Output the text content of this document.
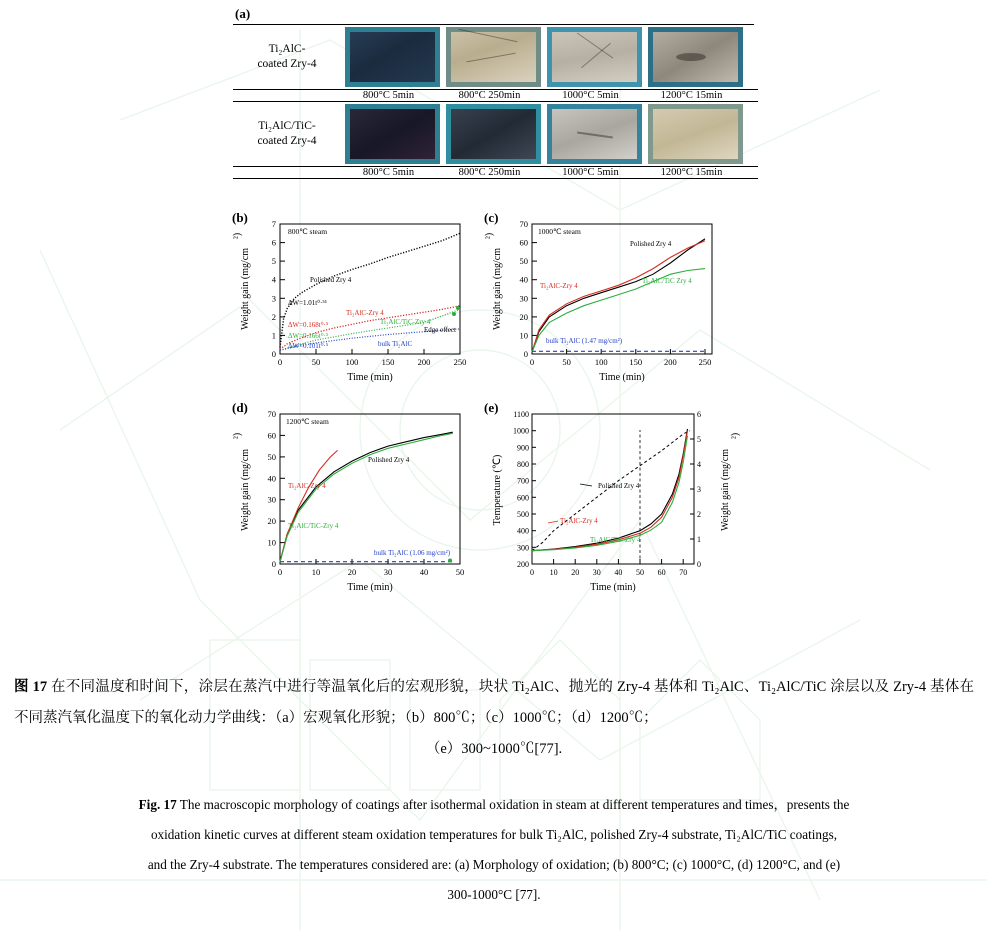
(a)
Ti₂AlC-
coated Zry-4
800°C 5min	800°C 250min	1000°C 5min	1200°C 15min
Ti₂AlC/TiC-
coated Zry-4
800°C 5min	800°C 250min	1000°C 5min	1200°C 15min
(b)
0	50	100	150	200	250
0
1
2
3
4
5
6
7
Time (min)
Weight gain (mg/cm
²)	800℃ steam
Polished Zry 4
ΔW=1.01t⁰·⁵¹
Ti₂AlC-Zry 4
ΔW=0.168t⁰·⁵	Ti₂AlC/TiC-Zry 4
ΔW=0.166t⁰·⁵
ΔW=0.101t⁰·⁵	bulk Ti₂AlC
Edge effect
(c)
0	50	100	150	200	250
0
10
20
30
40
50
60
70
Time (min)
Weight gain (mg/cm
²)	1000℃ steam
Polished Zry 4
Ti₂AlC-Zry 4
Ti₂AlC/TiC Zry 4
bulk Ti₂AlC (1.47 mg/cm²)
(d)
0	10	20	30	40	50
0
10
20
30
40
50
60
70
Time (min)
Weight gain (mg/cm
²)
1200℃ steam
Polished Zry 4
Ti₂AlC-Zry 4
Ti₂AlC/TiC-Zry 4
bulk Ti₂AlC (1.06 mg/cm²)
(e)
0 10 20 30 40 50 60 70
200
300
400
500
600
700
800
900
1000
1100
0
1
2
3
4
5
6
Time (min)
Temperature (℃)	Weight gain (mg/cm
²)
Polished Zry 4
Ti₂AlC-Zry 4
Ti₂AlC/TiC-Zry 4
图 17 在不同温度和时间下，涂层在蒸汽中进行等温氧化后的宏观形貌，块状 Ti₂AlC、抛光的 Zry-4 基体和 Ti₂AlC、Ti₂AlC/TiC 涂层以及 Zry-4 基体在不同蒸汽氧化温度下的氧化动力学曲线：（a）宏观氧化形貌；（b）800℃；（c）1000℃；（d）1200℃；
（e）300~1000℃[77].
Fig. 17 The macroscopic morphology of coatings after isothermal oxidation in steam at different temperatures and times，presents the
oxidation kinetic curves at different steam oxidation temperatures for bulk Ti₂AlC, polished Zry-4 substrate, Ti₂AlC/TiC coatings,
and the Zry-4 substrate. The temperatures considered are: (a) Morphology of oxidation; (b) 800°C; (c) 1000°C, (d) 1200°C, and (e)
300-1000°C [77].
